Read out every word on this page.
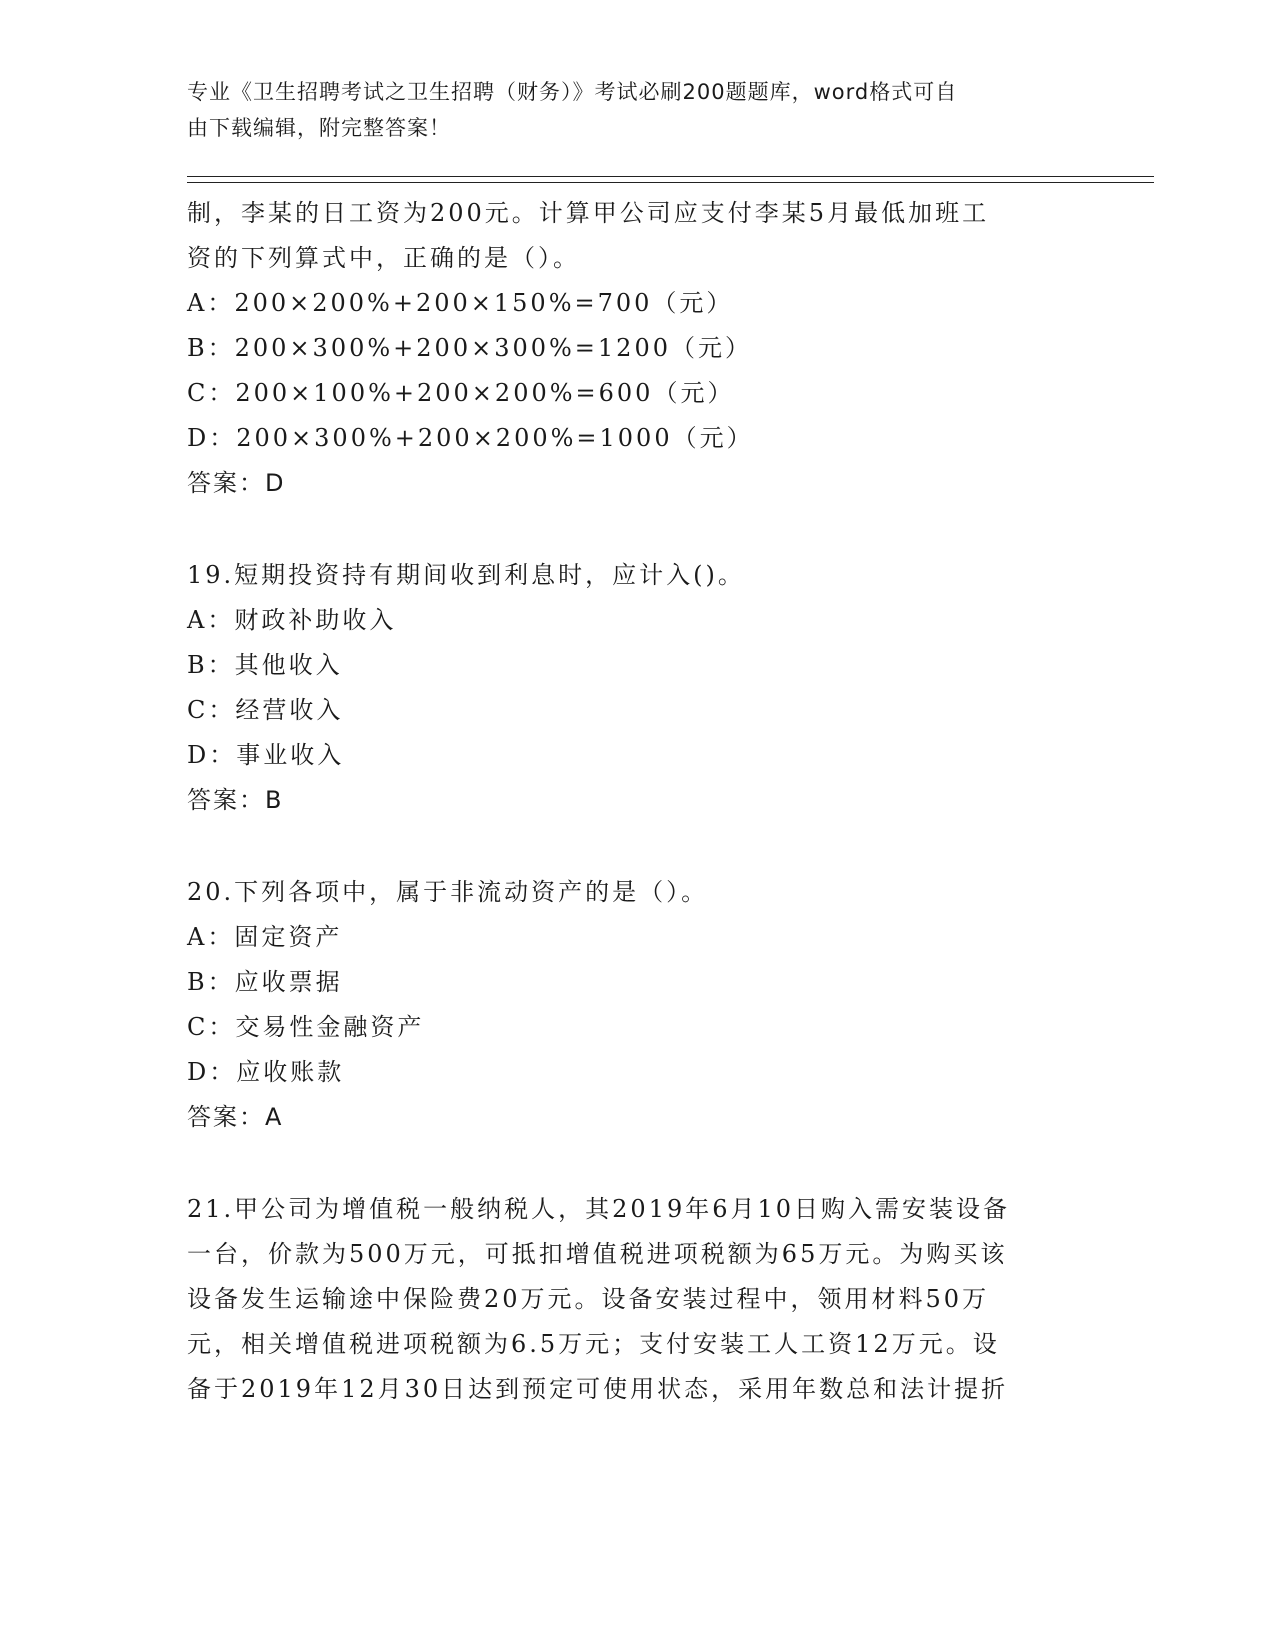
专业《卫生招聘考试之卫生招聘（财务）》考试必刷200题题库，word格式可自
由下载编辑，附完整答案！
制，李某的日工资为200元。计算甲公司应支付李某5月最低加班工
资的下列算式中，正确的是（）。
A：200×200%+200×150%=700（元）
B：200×300%+200×300%=1200（元）
C：200×100%+200×200%=600（元）
D：200×300%+200×200%=1000（元）
答案：D
19.短期投资持有期间收到利息时，应计入()。
A：财政补助收入
B：其他收入
C：经营收入
D：事业收入
答案：B
20.下列各项中，属于非流动资产的是（）。
A：固定资产
B：应收票据
C：交易性金融资产
D：应收账款
答案：A
21.甲公司为增值税一般纳税人，其2019年6月10日购入需安装设备
一台，价款为500万元，可抵扣增值税进项税额为65万元。为购买该
设备发生运输途中保险费20万元。设备安装过程中，领用材料50万
元，相关增值税进项税额为6.5万元；支付安装工人工资12万元。设
备于2019年12月30日达到预定可使用状态，采用年数总和法计提折
